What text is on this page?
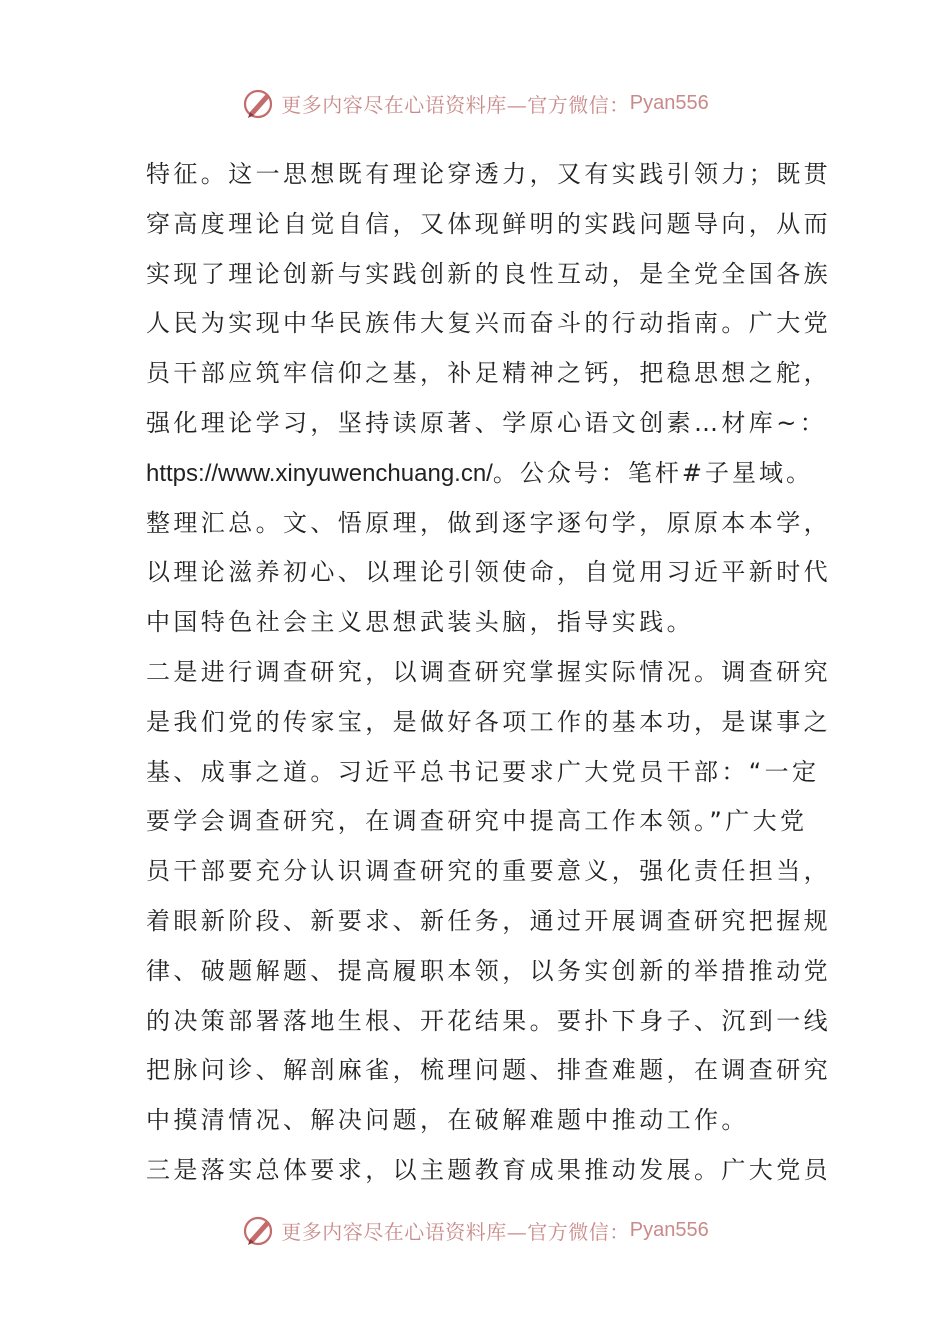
更多内容尽在心语资料库—官方微信： Pyan556
特征。这一思想既有理论穿透力，又有实践引领力；既贯
穿高度理论自觉自信，又体现鲜明的实践问题导向，从而
实现了理论创新与实践创新的良性互动，是全党全国各族
人民为实现中华民族伟大复兴而奋斗的行动指南。广大党
员干部应筑牢信仰之基，补足精神之钙，把稳思想之舵，
强化理论学习，坚持读原著、学原心语文创素…材库~：
https://www.xinyuwenchuang.cn/。公众号：笔杆#子星域。
整理汇总。文、悟原理，做到逐字逐句学，原原本本学，
以理论滋养初心、以理论引领使命，自觉用习近平新时代
中国特色社会主义思想武装头脑，指导实践。
二是进行调查研究，以调查研究掌握实际情况。调查研究
是我们党的传家宝，是做好各项工作的基本功，是谋事之
基、成事之道。习近平总书记要求广大党员干部：“一定
要学会调查研究，在调查研究中提高工作本领。”广大党
员干部要充分认识调查研究的重要意义，强化责任担当，
着眼新阶段、新要求、新任务，通过开展调查研究把握规
律、破题解题、提高履职本领，以务实创新的举措推动党
的决策部署落地生根、开花结果。要扑下身子、沉到一线
把脉问诊、解剖麻雀，梳理问题、排查难题，在调查研究
中摸清情况、解决问题，在破解难题中推动工作。
三是落实总体要求，以主题教育成果推动发展。广大党员
更多内容尽在心语资料库—官方微信： Pyan556
